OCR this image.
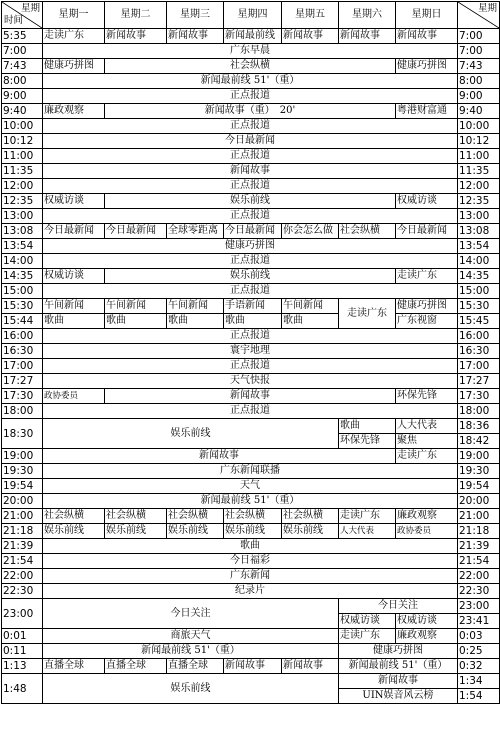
星期
时间	星期一	星期二	星期三	星期四	星期五	星期六	星期日	星期

5:35	走读广东	新闻故事	新闻故事	新闻最前线	新闻故事	新闻故事	新闻故事	7:00
7:00	广东早晨							7:00
7:43	健康巧拼图	社会纵横					健康巧拼图	7:43
8:00	新闻最前线 51'（重）							8:00
9:00	正点报道							9:00
9:40	廉政观察	新闻故事（重）　20'					粤港财富通	9:40
10:00	正点报道							10:00
10:12	今日最新闻							10:12
11:00	正点报道							11:00
11:35	新闻故事							11:35
12:00	正点报道							12:00
12:35	权威访谈	娱乐前线					权威访谈	12:35
13:00	正点报道							13:00
13:08	今日最新闻	今日最新闻	全球零距离	今日最新闻	你会怎么做	社会纵横	今日最新闻	13:08
13:54	健康巧拼图							13:54
14:00	正点报道							14:00
14:35	权威访谈	娱乐前线					走读广东	14:35
15:00	正点报道							15:00
15:30	午间新闻	午间新闻	午间新闻	手语新闻	午间新闻	走读广东	健康巧拼图	15:30
15:44	歌曲	歌曲	歌曲	歌曲	歌曲		广东视窗	15:45
16:00	正点报道							16:00
16:30	寰宇地理							16:30
17:00	正点报道							17:00
17:27	天气快报							17:27
17:30	政协委员	新闻故事					环保先锋	17:30
18:00	正点报道							18:00
18:30	娱乐前线					歌曲	人大代表	18:36
						环保先锋	聚焦	18:42
19:00	新闻故事						走读广东	19:00
19:30	广东新闻联播							19:30
19:54	天气							19:54
20:00	新闻最前线 51'（重）							20:00
21:00	社会纵横	社会纵横	社会纵横	社会纵横	社会纵横	走读广东	廉政观察	21:00
21:18	娱乐前线	娱乐前线	娱乐前线	娱乐前线	娱乐前线	人大代表	政协委员	21:18
21:39	歌曲							21:39
21:54	今日福彩							21:54
22:00	广东新闻							22:00
22:30	纪录片							22:30
23:00	今日关注					今日关注		23:00
						权威访谈	权威访谈	23:41
0:01	商旅天气					走读广东	廉政观察	0:03
0:11	新闻最前线 51'（重）					健康巧拼图		0:25
1:13	直播全球	直播全球	直播全球	新闻故事	新闻故事	新闻最前线 51'（重）		0:32
1:48	娱乐前线					新闻故事		1:34
						UIN娱音风云榜		1:54
